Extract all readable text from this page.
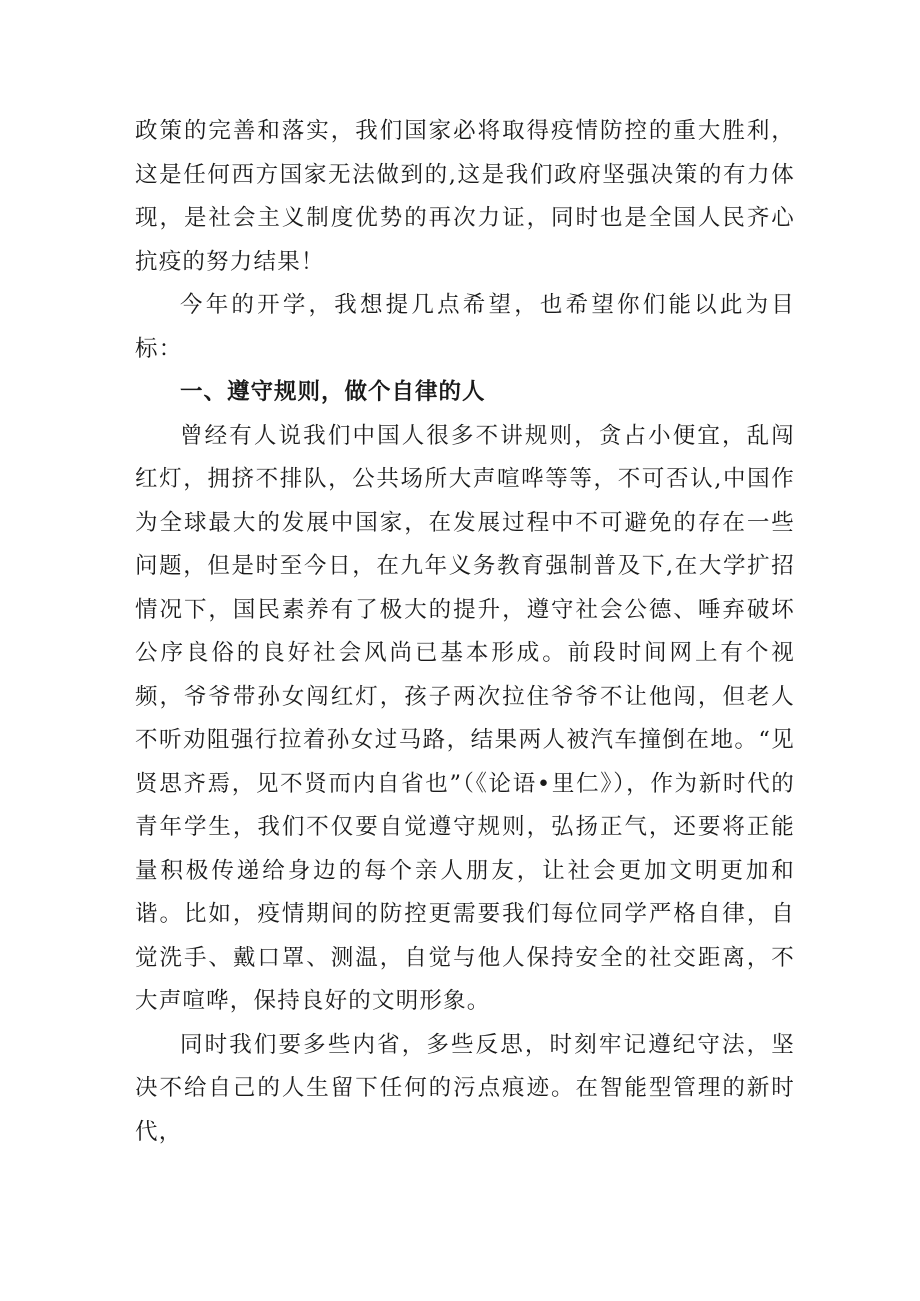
政策的完善和落实，我们国家必将取得疫情防控的重大胜利，这是任何西方国家无法做到的,这是我们政府坚强决策的有力体现，是社会主义制度优势的再次力证，同时也是全国人民齐心抗疫的努力结果！

今年的开学，我想提几点希望，也希望你们能以此为目标：

一、遵守规则，做个自律的人

曾经有人说我们中国人很多不讲规则，贪占小便宜，乱闯红灯，拥挤不排队，公共场所大声喧哗等等，不可否认,中国作为全球最大的发展中国家，在发展过程中不可避免的存在一些问题，但是时至今日，在九年义务教育强制普及下,在大学扩招情况下，国民素养有了极大的提升，遵守社会公德、唾弃破坏公序良俗的良好社会风尚已基本形成。前段时间网上有个视频，爷爷带孙女闯红灯，孩子两次拉住爷爷不让他闯，但老人不听劝阻强行拉着孙女过马路，结果两人被汽车撞倒在地。“见贤思齐焉，见不贤而内自省也”（《论语•里仁》），作为新时代的青年学生，我们不仅要自觉遵守规则，弘扬正气，还要将正能量积极传递给身边的每个亲人朋友，让社会更加文明更加和谐。比如，疫情期间的防控更需要我们每位同学严格自律，自觉洗手、戴口罩、测温，自觉与他人保持安全的社交距离，不大声喧哗，保持良好的文明形象。

同时我们要多些内省，多些反思，时刻牢记遵纪守法，坚决不给自己的人生留下任何的污点痕迹。在智能型管理的新时代，
